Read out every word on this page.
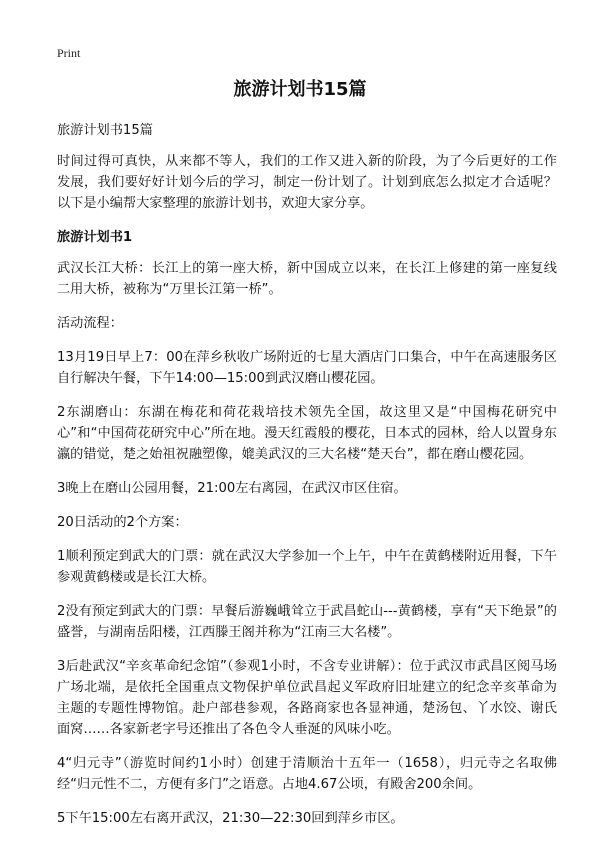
Print
旅游计划书15篇

旅游计划书15篇

时间过得可真快，从来都不等人，我们的工作又进入新的阶段，为了今后更好的工作发展，我们要好好计划今后的学习，制定一份计划了。计划到底怎么拟定才合适呢？以下是小编帮大家整理的旅游计划书，欢迎大家分享。

旅游计划书1

武汉长江大桥：长江上的第一座大桥，新中国成立以来，在长江上修建的第一座复线二用大桥，被称为“万里长江第一桥”。

活动流程：

13月19日早上7：00在萍乡秋收广场附近的七星大酒店门口集合，中午在高速服务区自行解决午餐，下午14:00—15:00到武汉磨山樱花园。

2东湖磨山：东湖在梅花和荷花栽培技术领先全国，故这里又是“中国梅花研究中心”和“中国荷花研究中心”所在地。漫天红霞般的樱花，日本式的园林，给人以置身东瀛的错觉，楚之始祖祝融塑像，媲美武汉的三大名楼“楚天台”，都在磨山樱花园。

3晚上在磨山公园用餐，21:00左右离园，在武汉市区住宿。

20日活动的2个方案：

1顺利预定到武大的门票：就在武汉大学参加一个上午，中午在黄鹤楼附近用餐，下午参观黄鹤楼或是长江大桥。

2没有预定到武大的门票：早餐后游巍峨耸立于武昌蛇山---黄鹤楼，享有“天下绝景”的盛誉，与湖南岳阳楼，江西滕王阁并称为“江南三大名楼”。

3后赴武汉“辛亥革命纪念馆”（参观1小时，不含专业讲解）：位于武汉市武昌区阅马场广场北端，是依托全国重点文物保护单位武昌起义军政府旧址建立的纪念辛亥革命为主题的专题性博物馆。赴户部巷参观，各路商家也各显神通，楚汤包、丫水饺、谢氏面窝……各家新老字号还推出了各色令人垂涎的风味小吃。

4“归元寺”（游览时间约1小时）创建于清顺治十五年一（1658），归元寺之名取佛经“归元性不二，方便有多门”之语意。占地4.67公顷，有殿舍200余间。

5下午15:00左右离开武汉，21:30—22:30回到萍乡市区。
